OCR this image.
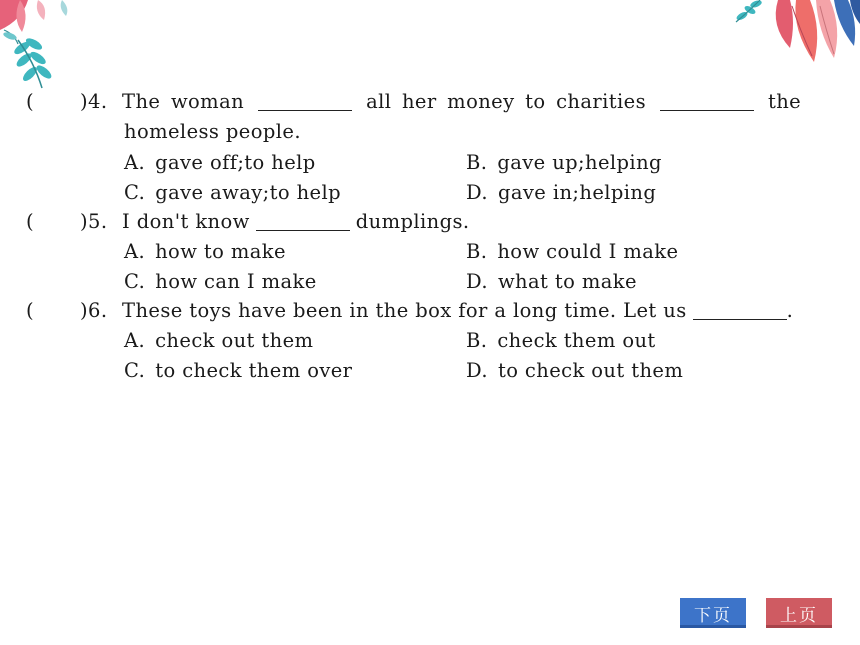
( )4. The woman	all her money to charities	the
homeless people.
A. gave off;to help	B. gave up;helping
C. gave away;to help	D. gave in;helping
( )5. I don't know	dumplings.
A. how to make	B. how could I make
C. how can I make	D. what to make
( )6. These toys have been in the box for a long time. Let us	.
A. check out them	B. check them out
C. to check them over	D. to check out them
下页	上页
